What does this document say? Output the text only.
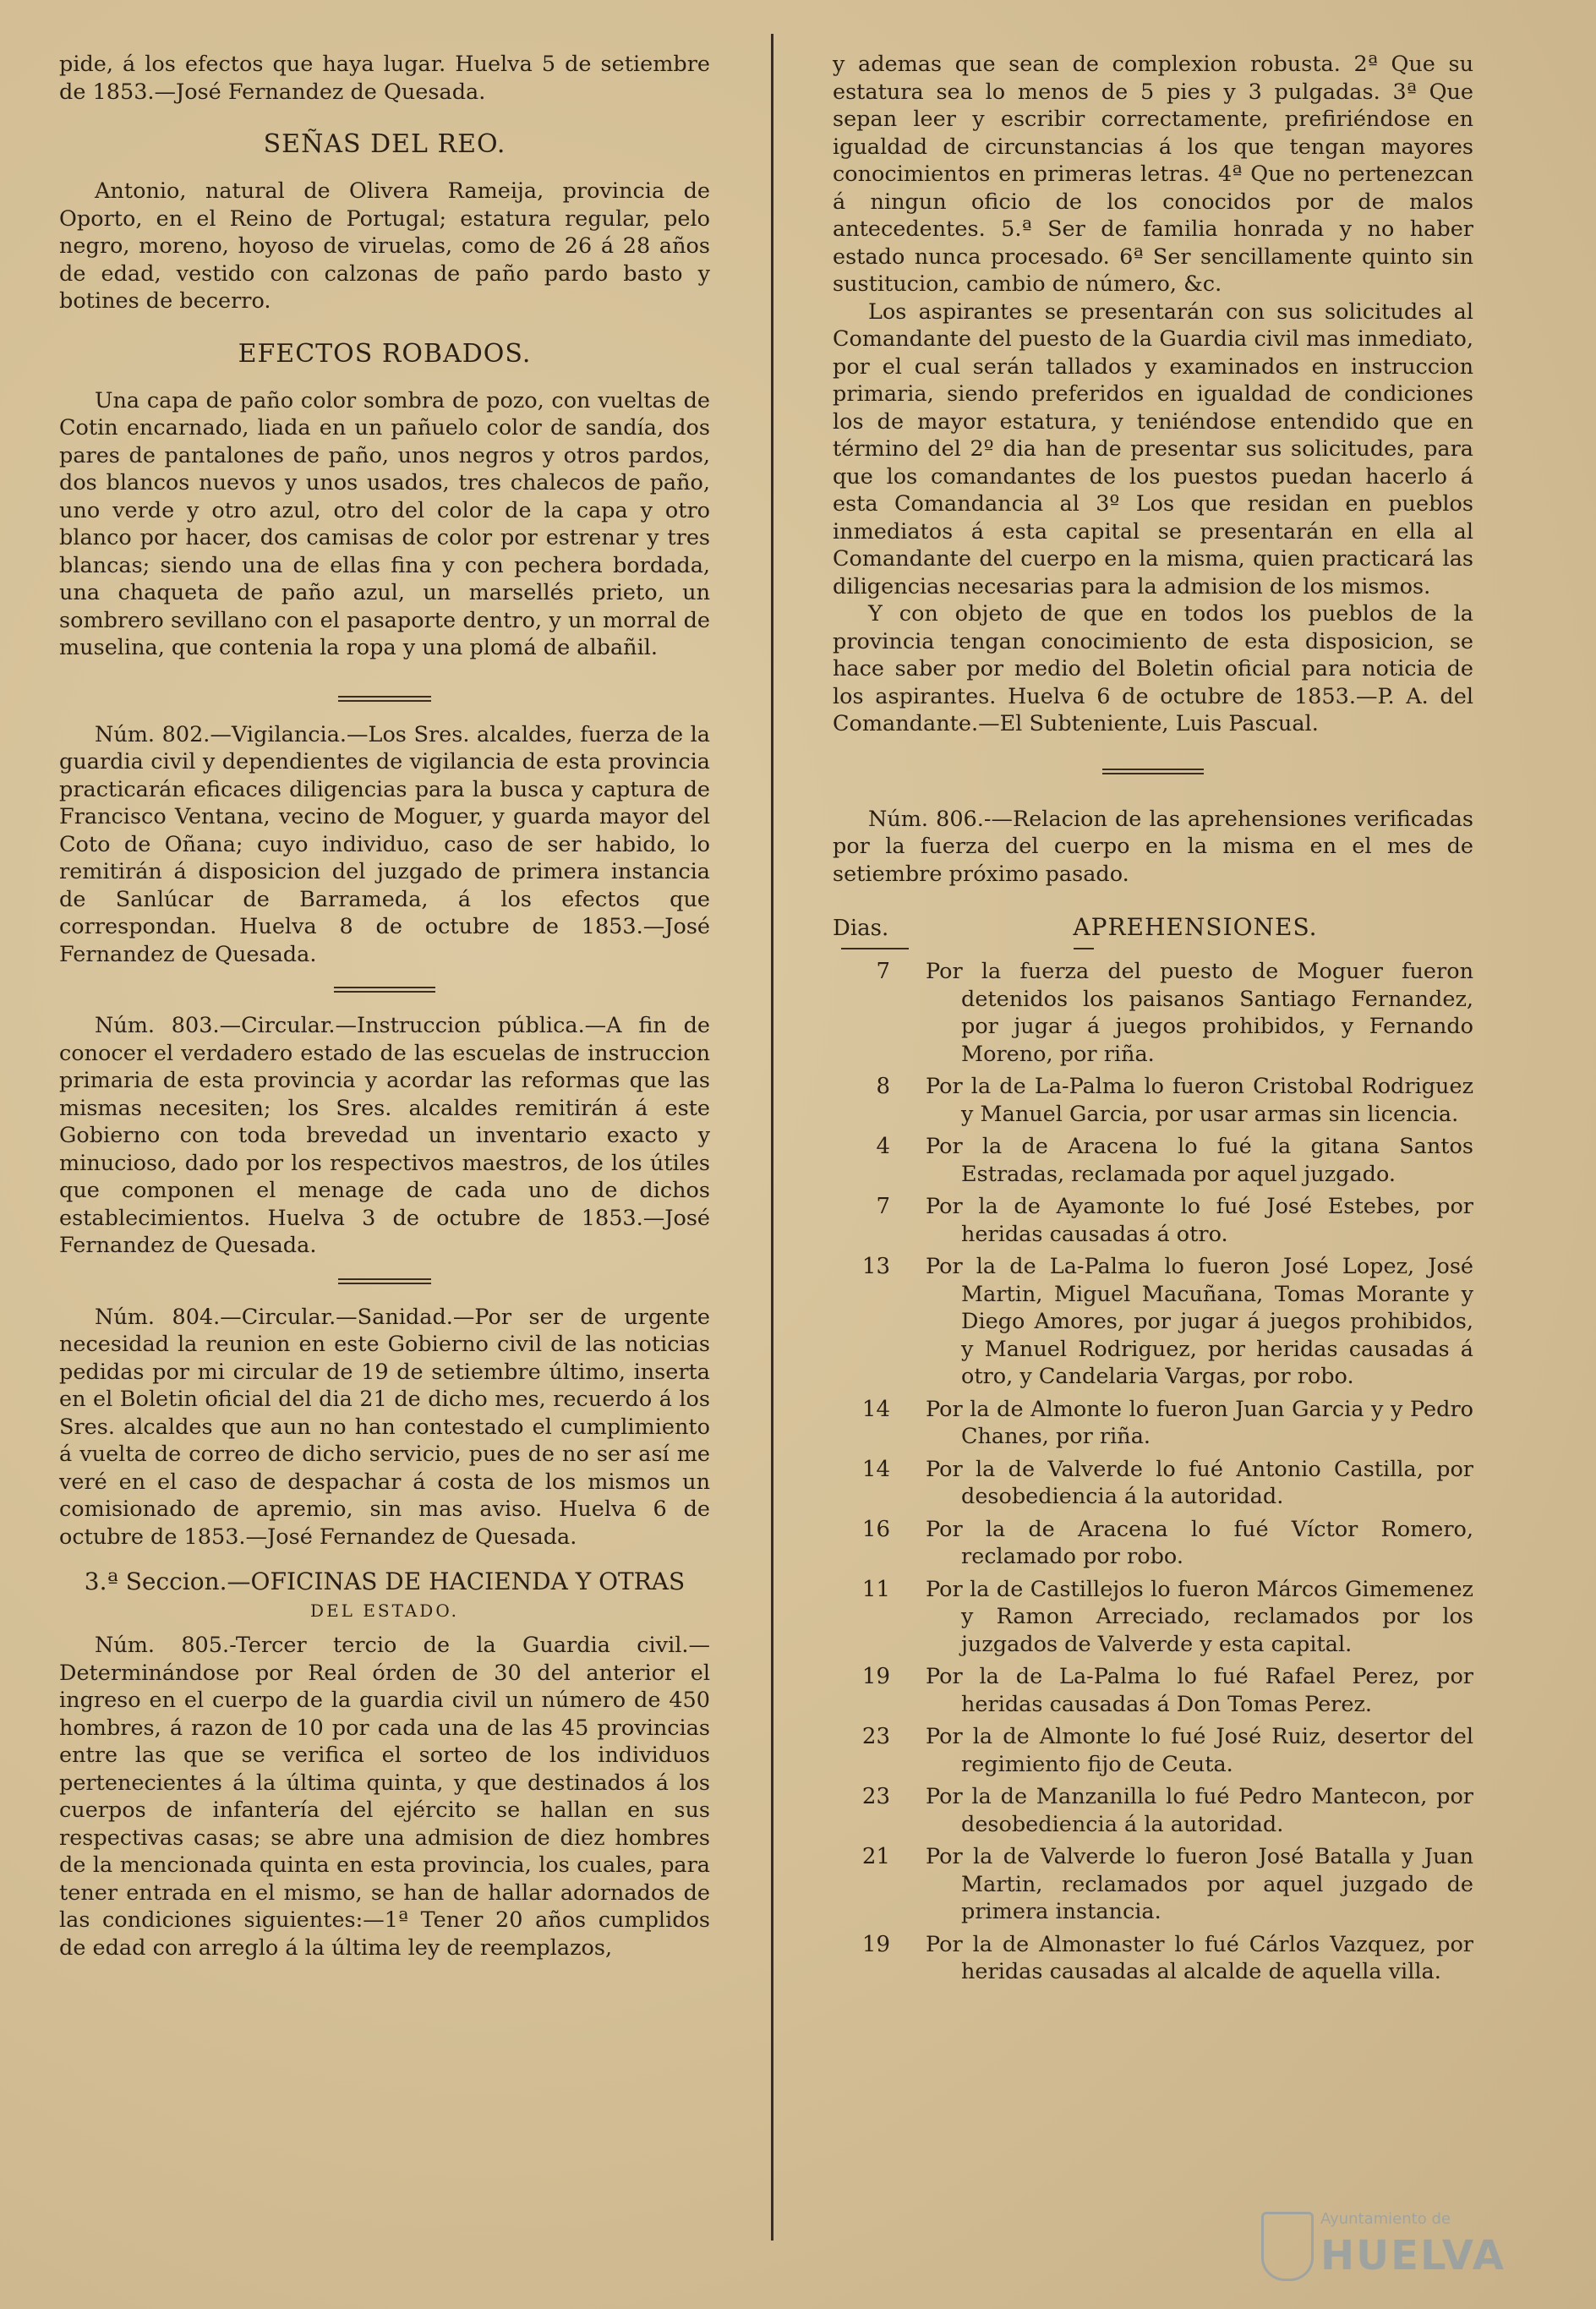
pide, á los efectos que haya lugar. Huelva 5 de setiembre de 1853.—José Fernandez de Quesada.

SEÑAS DEL REO.

Antonio, natural de Olivera Rameija, provincia de Oporto, en el Reino de Portugal; estatura regular, pelo negro, moreno, hoyoso de viruelas, como de 26 á 28 años de edad, vestido con calzonas de paño pardo basto y botines de becerro.

EFECTOS ROBADOS.

Una capa de paño color sombra de pozo, con vueltas de Cotin encarnado, liada en un pañuelo color de sandía, dos pares de pantalones de paño, unos negros y otros pardos, dos blancos nuevos y unos usados, tres chalecos de paño, uno verde y otro azul, otro del color de la capa y otro blanco por hacer, dos camisas de color por estrenar y tres blancas; siendo una de ellas fina y con pechera bordada, una chaqueta de paño azul, un marsellés prieto, un sombrero sevillano con el pasaporte dentro, y un morral de muselina, que contenia la ropa y una plomá de albañil.

Núm. 802.—Vigilancia.—Los Sres. alcaldes, fuerza de la guardia civil y dependientes de vigilancia de esta provincia practicarán eficaces diligencias para la busca y captura de Francisco Ventana, vecino de Moguer, y guarda mayor del Coto de Oñana; cuyo individuo, caso de ser habido, lo remitirán á disposicion del juzgado de primera instancia de Sanlúcar de Barrameda, á los efectos que correspondan. Huelva 8 de octubre de 1853.—José Fernandez de Quesada.

Núm. 803.—Circular.—Instruccion pública.—A fin de conocer el verdadero estado de las escuelas de instruccion primaria de esta provincia y acordar las reformas que las mismas necesiten; los Sres. alcaldes remitirán á este Gobierno con toda brevedad un inventario exacto y minucioso, dado por los respectivos maestros, de los útiles que componen el menage de cada uno de dichos establecimientos. Huelva 3 de octubre de 1853.—José Fernandez de Quesada.

Núm. 804.—Circular.—Sanidad.—Por ser de urgente necesidad la reunion en este Gobierno civil de las noticias pedidas por mi circular de 19 de setiembre último, inserta en el Boletin oficial del dia 21 de dicho mes, recuerdo á los Sres. alcaldes que aun no han contestado el cumplimiento á vuelta de correo de dicho servicio, pues de no ser así me veré en el caso de despachar á costa de los mismos un comisionado de apremio, sin mas aviso. Huelva 6 de octubre de 1853.—José Fernandez de Quesada.

3.ª Seccion.—OFICINAS DE HACIENDA Y OTRAS
DEL ESTADO.

Núm. 805.-Tercer tercio de la Guardia civil.—Determinándose por Real órden de 30 del anterior el ingreso en el cuerpo de la guardia civil un número de 450 hombres, á razon de 10 por cada una de las 45 provincias entre las que se verifica el sorteo de los individuos pertenecientes á la última quinta, y que destinados á los cuerpos de infantería del ejército se hallan en sus respectivas casas; se abre una admision de diez hombres de la mencionada quinta en esta provincia, los cuales, para tener entrada en el mismo, se han de hallar adornados de las condiciones siguientes:—1ª Tener 20 años cumplidos de edad con arreglo á la última ley de reemplazos,

y ademas que sean de complexion robusta. 2ª Que su estatura sea lo menos de 5 pies y 3 pulgadas. 3ª Que sepan leer y escribir correctamente, prefiriéndose en igualdad de circunstancias á los que tengan mayores conocimientos en primeras letras. 4ª Que no pertenezcan á ningun oficio de los conocidos por de malos antecedentes. 5.ª Ser de familia honrada y no haber estado nunca procesado. 6ª Ser sencillamente quinto sin sustitucion, cambio de número, &c.

Los aspirantes se presentarán con sus solicitudes al Comandante del puesto de la Guardia civil mas inmediato, por el cual serán tallados y examinados en instruccion primaria, siendo preferidos en igualdad de condiciones los de mayor estatura, y teniéndose entendido que en término del 2º dia han de presentar sus solicitudes, para que los comandantes de los puestos puedan hacerlo á esta Comandancia al 3º Los que residan en pueblos inmediatos á esta capital se presentarán en ella al Comandante del cuerpo en la misma, quien practicará las diligencias necesarias para la admision de los mismos.

Y con objeto de que en todos los pueblos de la provincia tengan conocimiento de esta disposicion, se hace saber por medio del Boletin oficial para noticia de los aspirantes. Huelva 6 de octubre de 1853.—P. A. del Comandante.—El Subteniente, Luis Pascual.

Núm. 806.-—Relacion de las aprehensiones verificadas por la fuerza del cuerpo en la misma en el mes de setiembre próximo pasado.

Dias.	APREHENSIONES.
7	Por la fuerza del puesto de Moguer fueron detenidos los paisanos Santiago Fernandez, por jugar á juegos prohibidos, y Fernando Moreno, por riña.
8	Por la de La-Palma lo fueron Cristobal Rodriguez y Manuel Garcia, por usar armas sin licencia.
4	Por la de Aracena lo fué la gitana Santos Estradas, reclamada por aquel juzgado.
7	Por la de Ayamonte lo fué José Estebes, por heridas causadas á otro.
13	Por la de La-Palma lo fueron José Lopez, José Martin, Miguel Macuñana, Tomas Morante y Diego Amores, por jugar á juegos prohibidos, y Manuel Rodriguez, por heridas causadas á otro, y Candelaria Vargas, por robo.
14	Por la de Almonte lo fueron Juan Garcia y y Pedro Chanes, por riña.
14	Por la de Valverde lo fué Antonio Castilla, por desobediencia á la autoridad.
16	Por la de Aracena lo fué Víctor Romero, reclamado por robo.
11	Por la de Castillejos lo fueron Márcos Gimemenez y Ramon Arreciado, reclamados por los juzgados de Valverde y esta capital.
19	Por la de La-Palma lo fué Rafael Perez, por heridas causadas á Don Tomas Perez.
23	Por la de Almonte lo fué José Ruiz, desertor del regimiento fijo de Ceuta.
23	Por la de Manzanilla lo fué Pedro Mantecon, por desobediencia á la autoridad.
21	Por la de Valverde lo fueron José Batalla y Juan Martin, reclamados por aquel juzgado de primera instancia.
19	Por la de Almonaster lo fué Cárlos Vazquez, por heridas causadas al alcalde de aquella villa.
Ayuntamiento de
HUELVA
